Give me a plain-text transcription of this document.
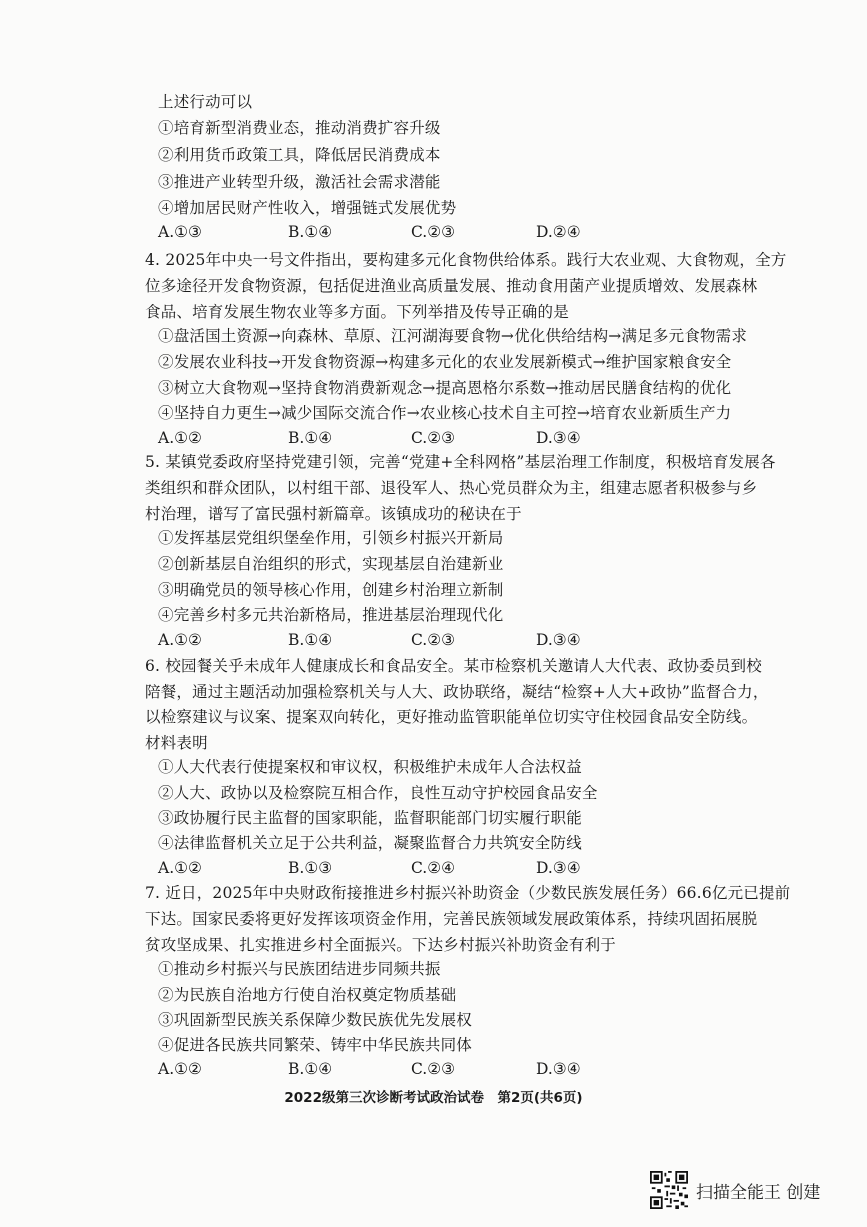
上述行动可以
①培育新型消费业态，推动消费扩容升级
②利用货币政策工具，降低居民消费成本
③推进产业转型升级，激活社会需求潜能
④增加居民财产性收入，增强链式发展优势
A.①③	B.①④	C.②③	D.②④
4. 2025年中央一号文件指出，要构建多元化食物供给体系。践行大农业观、大食物观，全方
位多途径开发食物资源，包括促进渔业高质量发展、推动食用菌产业提质增效、发展森林
食品、培育发展生物农业等多方面。下列举措及传导正确的是
①盘活国土资源→向森林、草原、江河湖海要食物→优化供给结构→满足多元食物需求
②发展农业科技→开发食物资源→构建多元化的农业发展新模式→维护国家粮食安全
③树立大食物观→坚持食物消费新观念→提高恩格尔系数→推动居民膳食结构的优化
④坚持自力更生→减少国际交流合作→农业核心技术自主可控→培育农业新质生产力
A.①②	B.①④	C.②③	D.③④
5. 某镇党委政府坚持党建引领，完善“党建+全科网格”基层治理工作制度，积极培育发展各
类组织和群众团队，以村组干部、退役军人、热心党员群众为主，组建志愿者积极参与乡
村治理，谱写了富民强村新篇章。该镇成功的秘诀在于
①发挥基层党组织堡垒作用，引领乡村振兴开新局
②创新基层自治组织的形式，实现基层自治建新业
③明确党员的领导核心作用，创建乡村治理立新制
④完善乡村多元共治新格局，推进基层治理现代化
A.①②	B.①④	C.②③	D.③④
6. 校园餐关乎未成年人健康成长和食品安全。某市检察机关邀请人大代表、政协委员到校
陪餐，通过主题活动加强检察机关与人大、政协联络，凝结“检察+人大+政协”监督合力，
以检察建议与议案、提案双向转化，更好推动监管职能单位切实守住校园食品安全防线。
材料表明
①人大代表行使提案权和审议权，积极维护未成年人合法权益
②人大、政协以及检察院互相合作，良性互动守护校园食品安全
③政协履行民主监督的国家职能，监督职能部门切实履行职能
④法律监督机关立足于公共利益，凝聚监督合力共筑安全防线
A.①②	B.①③	C.②④	D.③④
7. 近日，2025年中央财政衔接推进乡村振兴补助资金（少数民族发展任务）66.6亿元已提前
下达。国家民委将更好发挥该项资金作用，完善民族领域发展政策体系，持续巩固拓展脱
贫攻坚成果、扎实推进乡村全面振兴。下达乡村振兴补助资金有利于
①推动乡村振兴与民族团结进步同频共振
②为民族自治地方行使自治权奠定物质基础
③巩固新型民族关系保障少数民族优先发展权
④促进各民族共同繁荣、铸牢中华民族共同体
A.①②	B.①④	C.②③	D.③④
2022级第三次诊断考试政治试卷　第2页(共6页)
扫描全能王 创建
